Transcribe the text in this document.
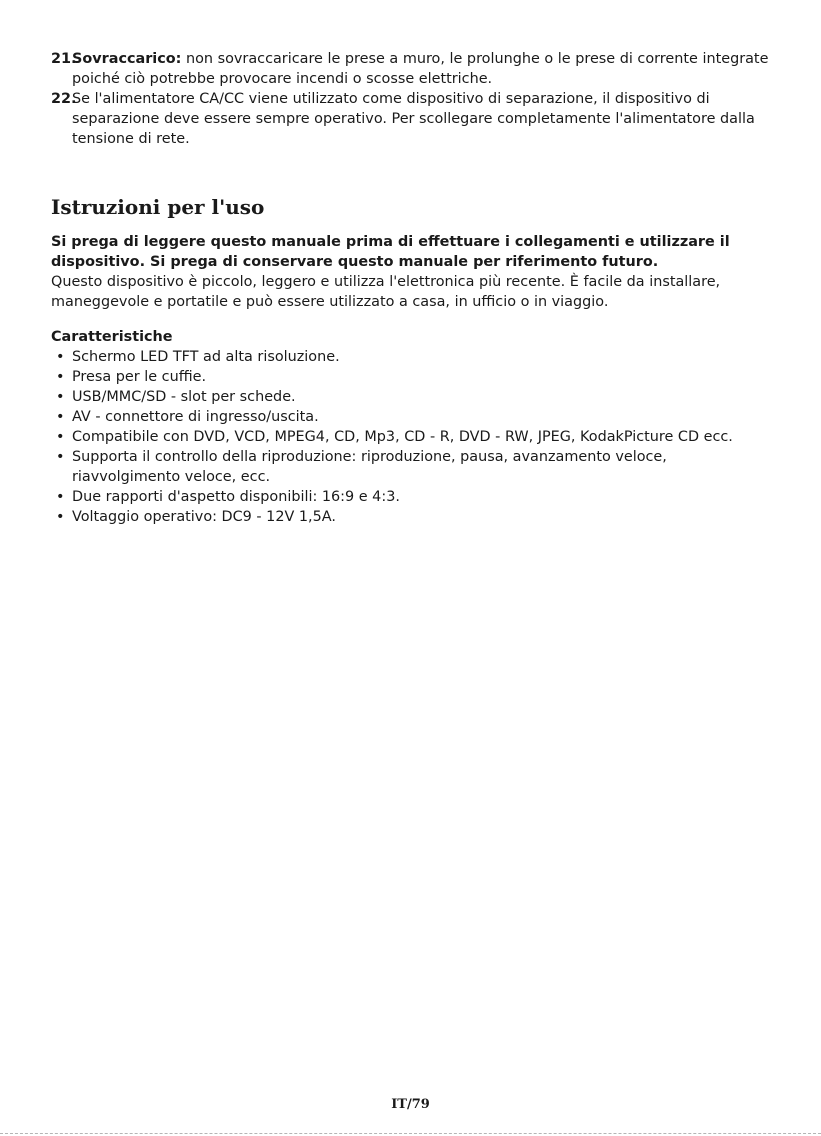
21.
Sovraccarico: non sovraccaricare le prese a muro, le prolunghe o le prese di corrente integrate poiché ciò potrebbe provocare incendi o scosse elettriche.
22.
Se l'alimentatore CA/CC viene utilizzato come dispositivo di separazione, il dispositivo di separazione deve essere sempre operativo. Per scollegare completamente l'alimentatore dalla tensione di rete.
Istruzioni per l'uso

Si prega di leggere questo manuale prima di effettuare i collegamenti e utilizzare il dispositivo. Si prega di conservare questo manuale per riferimento futuro.
Questo dispositivo è piccolo, leggero e utilizza l'elettronica più recente. È facile da installare, maneggevole e portatile e può essere utilizzato a casa, in ufficio o in viaggio.

Caratteristiche

• Schermo LED TFT ad alta risoluzione.
• Presa per le cuffie.
• USB/MMC/SD - slot per schede.
• AV - connettore di ingresso/uscita.
• Compatibile con DVD, VCD, MPEG4, CD, Mp3, CD - R, DVD - RW, JPEG, KodakPicture CD ecc.
• Supporta il controllo della riproduzione: riproduzione, pausa, avanzamento veloce, riavvolgimento veloce, ecc.
• Due rapporti d'aspetto disponibili: 16:9 e 4:3.
• Voltaggio operativo: DC9 - 12V 1,5A.
IT/79
